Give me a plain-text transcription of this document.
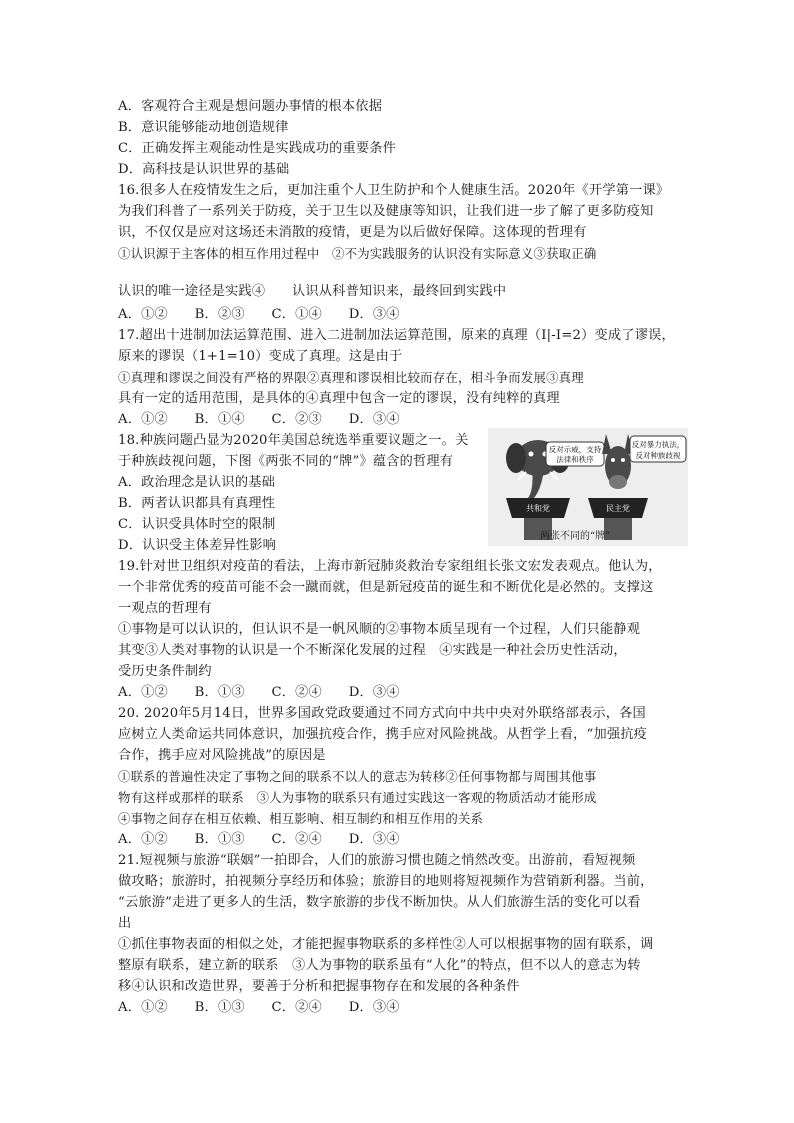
A．客观符合主观是想问题办事情的根本依据
B．意识能够能动地创造规律
C．正确发挥主观能动性是实践成功的重要条件
D．高科技是认识世界的基础
16.很多人在疫情发生之后，更加注重个人卫生防护和个人健康生活。2020年《开学第一课》
为我们科普了一系列关于防疫，关于卫生以及健康等知识，让我们进一步了解了更多防疫知
识，不仅仅是应对这场还未消散的疫情，更是为以后做好保障。这体现的哲理有
①认识源于主客体的相互作用过程中　②不为实践服务的认识没有实际意义③获取正确
认识的唯一途径是实践④　　认识从科普知识来，最终回到实践中
A．①②　　B．②③　　C．①④　　D．③④
17.超出十进制加法运算范围、进入二进制加法运算范围，原来的真理（I|-I=2）变成了谬误，
原来的谬误（1+1=10）变成了真理。这是由于
①真理和谬误之间没有严格的界限②真理和谬误相比较而存在，相斗争而发展③真理
具有一定的适用范围，是具体的④真理中包含一定的谬误，没有纯粹的真理
A．①②　　B．①④　　C．②③　　D．③④
18.种族问题凸显为2020年美国总统选举重要议题之一。关
于种族歧视问题，下图《两张不同的“牌”》蕴含的哲理有
A．政治理念是认识的基础
B．两者认识都具有真理性
C．认识受具体时空的限制
D．认识受主体差异性影响
反对示威，支持
法律和秩序
共和党
反对暴力执法，
反对种族歧视
民主党
两张不同的“牌”
19.针对世卫组织对疫苗的看法，上海市新冠肺炎救治专家组组长张文宏发表观点。他认为，
一个非常优秀的疫苗可能不会一蹴而就，但是新冠疫苗的诞生和不断优化是必然的。支撑这
一观点的哲理有
①事物是可以认识的，但认识不是一帆风顺的②事物本质呈现有一个过程，人们只能静观
其变③人类对事物的认识是一个不断深化发展的过程　④实践是一种社会历史性活动，
受历史条件制约
A．①②　　B．①③　　C．②④　　D．③④
20. 2020年5月14日，世界多国政党政要通过不同方式向中共中央对外联络部表示，各国
应树立人类命运共同体意识，加强抗疫合作，携手应对风险挑战。从哲学上看，“加强抗疫
合作，携手应对风险挑战”的原因是
①联系的普遍性决定了事物之间的联系不以人的意志为转移②任何事物都与周围其他事
物有这样或那样的联系　③人为事物的联系只有通过实践这一客观的物质活动才能形成
④事物之间存在相互依赖、相互影响、相互制约和相互作用的关系
A．①②　　B．①③　　C．②④　　D．③④
21.短视频与旅游“联姻”一拍即合，人们的旅游习惯也随之悄然改变。出游前，看短视频
做攻略；旅游时，拍视频分享经历和体验；旅游目的地则将短视频作为营销新利器。当前，
“云旅游”走进了更多人的生活，数字旅游的步伐不断加快。从人们旅游生活的变化可以看
出
①抓住事物表面的相似之处，才能把握事物联系的多样性②人可以根据事物的固有联系，调
整原有联系，建立新的联系　③人为事物的联系虽有“人化”的特点，但不以人的意志为转
移④认识和改造世界，要善于分析和把握事物存在和发展的各种条件
A．①②　　B．①③　　C．②④　　D．③④
